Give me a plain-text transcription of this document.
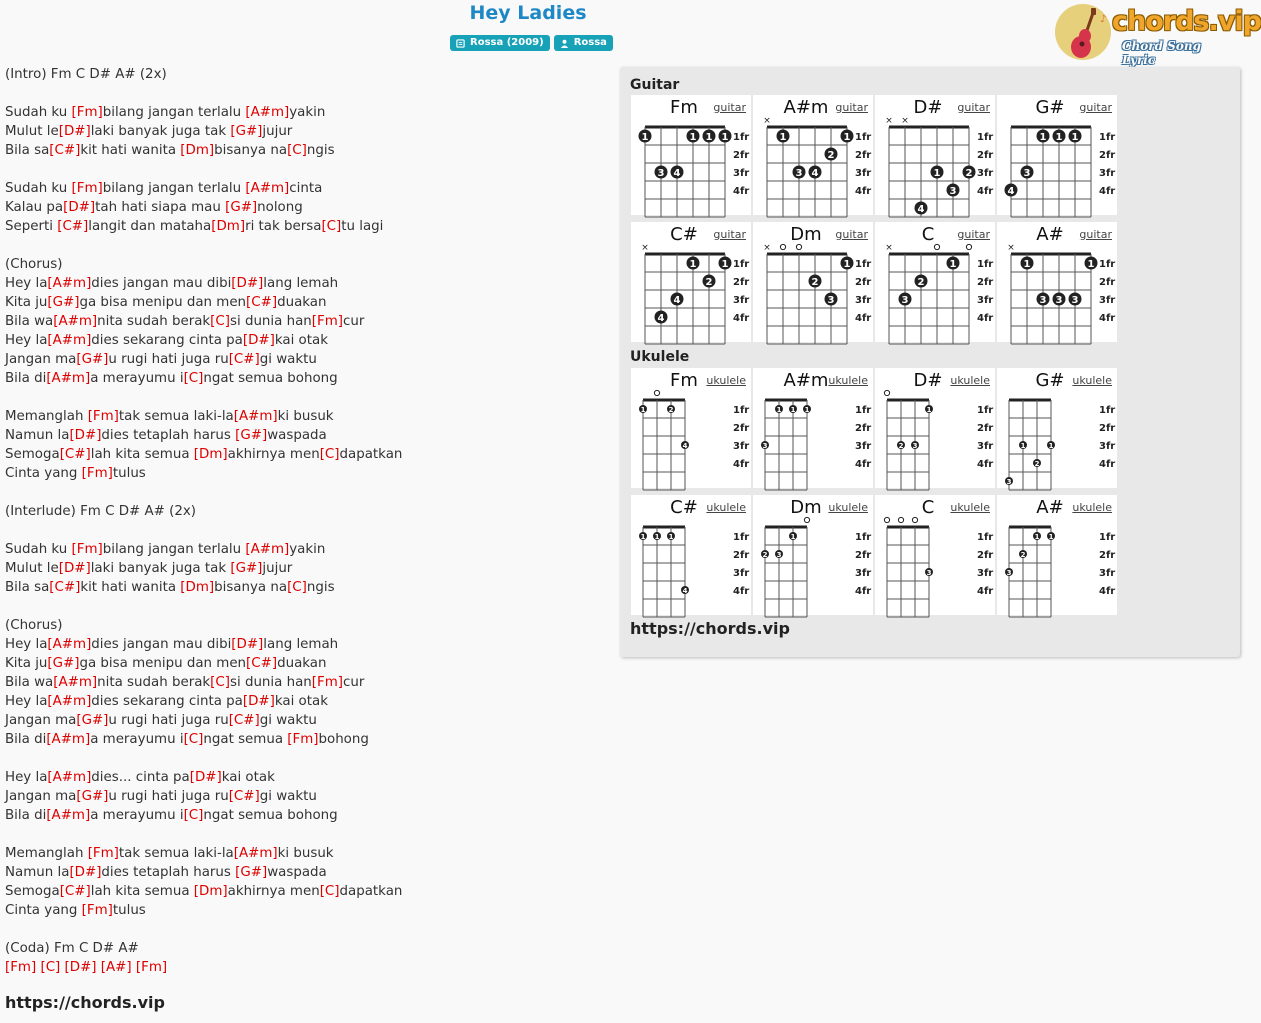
Hey Ladies
Rossa (2009)	Rossa
♪ chords.vip
Chord Song Lyric
(Intro) Fm C D# A# (2x)
Sudah ku [Fm]bilang jangan terlalu [A#m]yakin
Mulut le[D#]laki banyak juga tak [G#]jujur
Bila sa[C#]kit hati wanita [Dm]bisanya na[C]ngis
Sudah ku [Fm]bilang jangan terlalu [A#m]cinta
Kalau pa[D#]tah hati siapa mau [G#]nolong
Seperti [C#]langit dan mataha[Dm]ri tak bersa[C]tu lagi
(Chorus)
Hey la[A#m]dies jangan mau dibi[D#]lang lemah
Kita ju[G#]ga bisa menipu dan men[C#]duakan
Bila wa[A#m]nita sudah berak[C]si dunia han[Fm]cur
Hey la[A#m]dies sekarang cinta pa[D#]kai otak
Jangan ma[G#]u rugi hati juga ru[C#]gi waktu
Bila di[A#m]a merayumu i[C]ngat semua bohong
Memanglah [Fm]tak semua laki-la[A#m]ki busuk
Namun la[D#]dies tetaplah harus [G#]waspada
Semoga[C#]lah kita semua [Dm]akhirnya men[C]dapatkan
Cinta yang [Fm]tulus
(Interlude) Fm C D# A# (2x)
Sudah ku [Fm]bilang jangan terlalu [A#m]yakin
Mulut le[D#]laki banyak juga tak [G#]jujur
Bila sa[C#]kit hati wanita [Dm]bisanya na[C]ngis
(Chorus)
Hey la[A#m]dies jangan mau dibi[D#]lang lemah
Kita ju[G#]ga bisa menipu dan men[C#]duakan
Bila wa[A#m]nita sudah berak[C]si dunia han[Fm]cur
Hey la[A#m]dies sekarang cinta pa[D#]kai otak
Jangan ma[G#]u rugi hati juga ru[C#]gi waktu
Bila di[A#m]a merayumu i[C]ngat semua [Fm]bohong
Hey la[A#m]dies... cinta pa[D#]kai otak
Jangan ma[G#]u rugi hati juga ru[C#]gi waktu
Bila di[A#m]a merayumu i[C]ngat semua bohong
Memanglah [Fm]tak semua laki-la[A#m]ki busuk
Namun la[D#]dies tetaplah harus [G#]waspada
Semoga[C#]lah kita semua [Dm]akhirnya men[C]dapatkan
Cinta yang [Fm]tulus
(Coda) Fm C D# A#
[Fm] [C] [D#] [A#] [Fm]
https://chords.vip
Guitar
Ukulele
Fm	guitar
1fr
2fr
3fr
4fr
1	1 1 1
3 4
A#m guitar
1fr
2fr
3fr
4fr
×
1	1
2
3 4
D#	guitar
1fr
2fr
3fr
4fr
× ×
1	2
3
4
G#	guitar
1fr
2fr
3fr
4fr
1 1 1
3
4
C#	guitar
1fr
2fr
3fr
4fr
×
1	1
2
4
4
Dm	guitar
1fr
2fr
3fr
4fr
×
1
2
3
C	guitar
1fr
2fr
3fr
4fr
×
1
2
3
A#	guitar
1fr
2fr
3fr
4fr
×
1	1
3 3 3
Fm ukulele
1fr
2fr
3fr
4fr
1	2
4
A#m ukulele
1fr
2fr
3fr
4fr
1 1 1
3
D# ukulele
1fr
2fr
3fr
4fr
1
2 3
G# ukulele
1fr
2fr
3fr
4fr
1	1
2
3
C# ukulele
1fr
2fr
3fr
4fr
1 1 1
4
Dm ukulele
1fr
2fr
3fr
4fr
1
2 3
C	ukulele
1fr
2fr
3fr
4fr
3
A# ukulele
1fr
2fr
3fr
4fr
1 1
2
3
https://chords.vip
